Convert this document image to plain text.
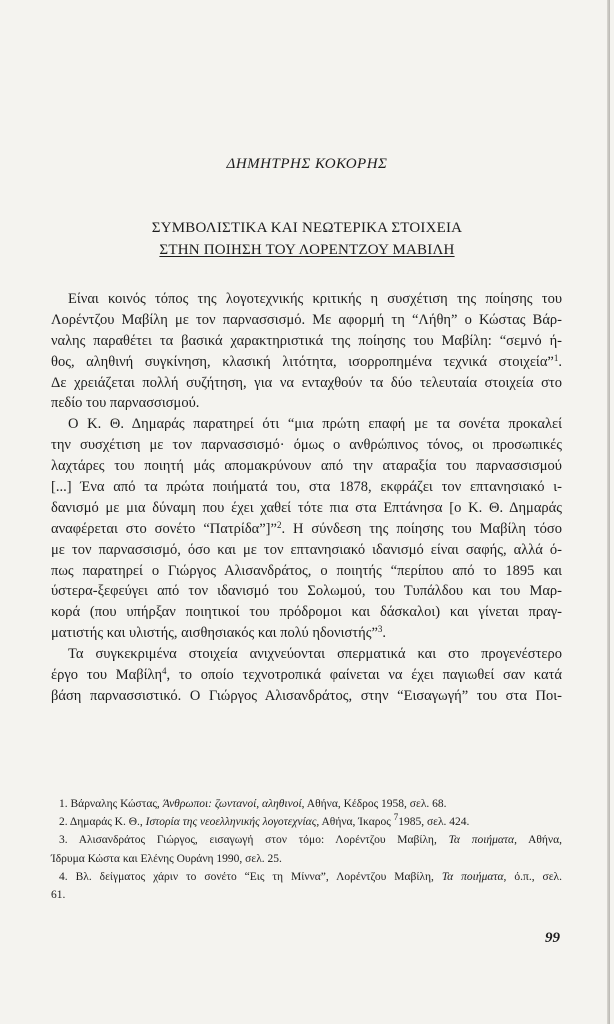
ΔΗΜΗΤΡΗΣ ΚΟΚΟΡΗΣ
ΣΥΜΒΟΛΙΣΤΙΚΑ ΚΑΙ ΝΕΩΤΕΡΙΚΑ ΣΤΟΙΧΕΙΑ
ΣΤΗΝ ΠΟΙΗΣΗ ΤΟΥ ΛΟΡΕΝΤΖΟΥ ΜΑΒΙΛΗ
Είναι κοινός τόπος της λογοτεχνικής κριτικής η συσχέτιση της ποίησης του
Λορέντζου Μαβίλη με τον παρνασσισμό. Με αφορμή τη “Λήθη” ο Κώστας Βάρ-
ναλης παραθέτει τα βασικά χαρακτηριστικά της ποίησης του Μαβίλη: “σεμνό ή-
θος, αληθινή συγκίνηση, κλασική λιτότητα, ισορροπημένα τεχνικά στοιχεία”$^1$.
Δε χρειάζεται πολλή συζήτηση, για να ενταχθούν τα δύο τελευταία στοιχεία στο
πεδίο του παρνασσισμού.
Ο Κ. Θ. Δημαράς παρατηρεί ότι “μια πρώτη επαφή με τα σονέτα προκαλεί
την συσχέτιση με τον παρνασσισμό· όμως ο ανθρώπινος τόνος, οι προσωπικές
λαχτάρες του ποιητή μάς απομακρύνουν από την αταραξία του παρνασσισμού
[...] Ένα από τα πρώτα ποιήματά του, στα 1878, εκφράζει τον επτανησιακό ι-
δανισμό με μια δύναμη που έχει χαθεί τότε πια στα Επτάνησα [ο Κ. Θ. Δημαράς
αναφέρεται στο σονέτο “Πατρίδα”]”$^2$. Η σύνδεση της ποίησης του Μαβίλη τόσο
με τον παρνασσισμό, όσο και με τον επτανησιακό ιδανισμό είναι σαφής, αλλά ό-
πως παρατηρεί ο Γιώργος Αλισανδράτος, ο ποιητής “περίπου από το 1895 και
ύστερα-ξεφεύγει από τον ιδανισμό του Σολωμού, του Τυπάλδου και του Μαρ-
κορά (που υπήρξαν ποιητικοί του πρόδρομοι και δάσκαλοι) και γίνεται πραγ-
ματιστής και υλιστής, αισθησιακός και πολύ ηδονιστής”$^3$.
Τα συγκεκριμένα στοιχεία ανιχνεύονται σπερματικά και στο προγενέστερο
έργο του Μαβίλη$^4$, το οποίο τεχνοτροπικά φαίνεται να έχει παγιωθεί σαν κατά
βάση παρνασσιστικό. Ο Γιώργος Αλισανδράτος, στην “Εισαγωγή” του στα Ποι-
1. Βάρναλης Κώστας, Άνθρωποι: ζωντανοί, αληθινοί, Αθήνα, Κέδρος 1958, σελ. 68.
2. Δημαράς Κ. Θ., Ιστορία της νεοελληνικής λογοτεχνίας, Αθήνα, Ίκαρος $^7$1985, σελ. 424.
3. Αλισανδράτος Γιώργος, εισαγωγή στον τόμο: Λορέντζου Μαβίλη, Τα ποιήματα, Αθήνα,
Ίδρυμα Κώστα και Ελένης Ουράνη 1990, σελ. 25.
4. Βλ. δείγματος χάριν το σονέτο “Εις τη Μίννα”, Λορέντζου Μαβίλη, Τα ποιήματα, ό.π., σελ.
61.
99
